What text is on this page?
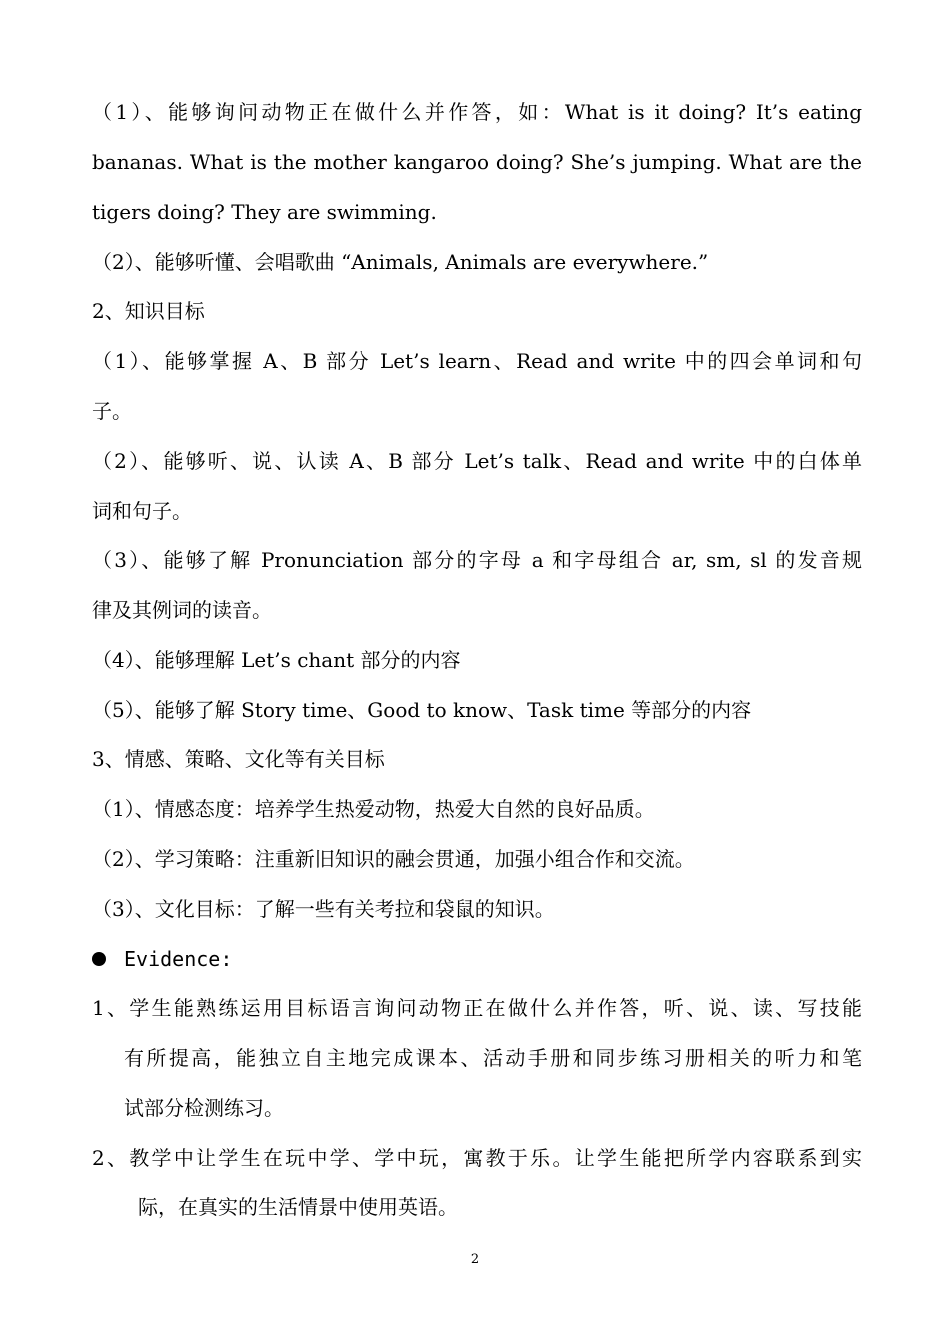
（1）、能够询问动物正在做什么并作答，如：What is it doing? It’s eating
bananas. What is the mother kangaroo doing? She’s jumping. What are the
tigers doing? They are swimming.
（2）、能够听懂、会唱歌曲 “Animals, Animals are everywhere.”
2、知识目标
（1）、能够掌握 A、B 部分 Let’s learn、Read and write 中的四会单词和句
子。
（2）、能够听、说、认读 A、B 部分 Let’s talk、Read and write 中的白体单
词和句子。
（3）、能够了解 Pronunciation 部分的字母 a 和字母组合 ar, sm, sl 的发音规
律及其例词的读音。
（4）、能够理解 Let’s chant 部分的内容
（5）、能够了解 Story time、Good to know、Task time 等部分的内容
3、情感、策略、文化等有关目标
（1）、情感态度：培养学生热爱动物，热爱大自然的良好品质。
（2）、学习策略：注重新旧知识的融会贯通，加强小组合作和交流。
（3）、文化目标：了解一些有关考拉和袋鼠的知识。
Evidence:
1、学生能熟练运用目标语言询问动物正在做什么并作答，听、说、读、写技能
有所提高，能独立自主地完成课本、活动手册和同步练习册相关的听力和笔
试部分检测练习。
2、教学中让学生在玩中学、学中玩，寓教于乐。让学生能把所学内容联系到实
际，在真实的生活情景中使用英语。
2
